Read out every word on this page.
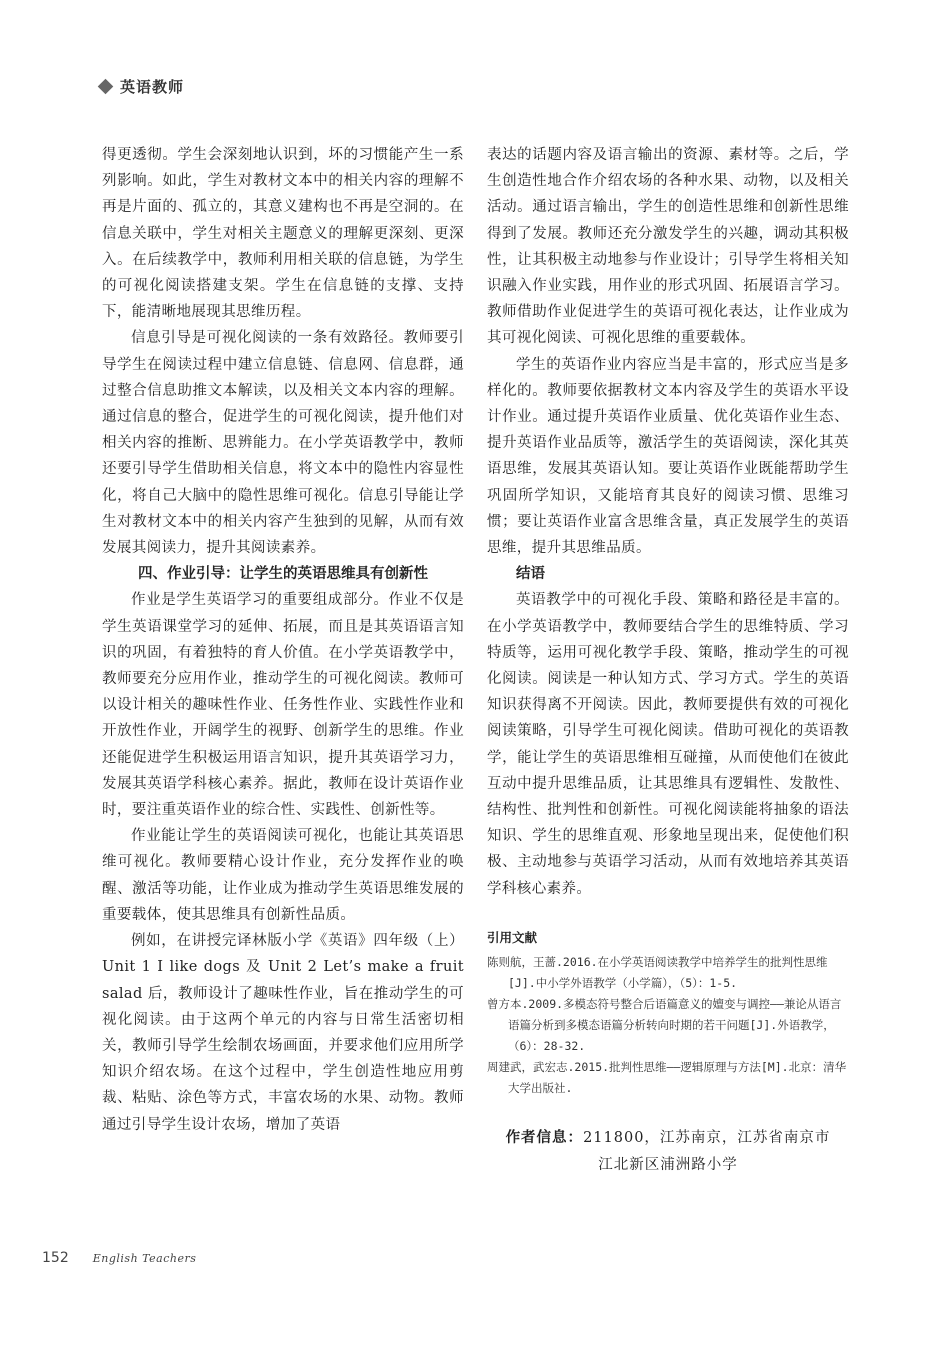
英语教师

得更透彻。学生会深刻地认识到，坏的习惯能产生一系列影响。如此，学生对教材文本中的相关内容的理解不再是片面的、孤立的，其意义建构也不再是空洞的。在信息关联中，学生对相关主题意义的理解更深刻、更深入。在后续教学中，教师利用相关联的信息链，为学生的可视化阅读搭建支架。学生在信息链的支撑、支持下，能清晰地展现其思维历程。

信息引导是可视化阅读的一条有效路径。教师要引导学生在阅读过程中建立信息链、信息网、信息群，通过整合信息助推文本解读，以及相关文本内容的理解。通过信息的整合，促进学生的可视化阅读，提升他们对相关内容的推断、思辨能力。在小学英语教学中，教师还要引导学生借助相关信息，将文本中的隐性内容显性化，将自己大脑中的隐性思维可视化。信息引导能让学生对教材文本中的相关内容产生独到的见解，从而有效发展其阅读力，提升其阅读素养。

四、作业引导：让学生的英语思维具有创新性

作业是学生英语学习的重要组成部分。作业不仅是学生英语课堂学习的延伸、拓展，而且是其英语语言知识的巩固，有着独特的育人价值。在小学英语教学中，教师要充分应用作业，推动学生的可视化阅读。教师可以设计相关的趣味性作业、任务性作业、实践性作业和开放性作业，开阔学生的视野、创新学生的思维。作业还能促进学生积极运用语言知识，提升其英语学习力，发展其英语学科核心素养。据此，教师在设计英语作业时，要注重英语作业的综合性、实践性、创新性等。

作业能让学生的英语阅读可视化，也能让其英语思维可视化。教师要精心设计作业，充分发挥作业的唤醒、激活等功能，让作业成为推动学生英语思维发展的重要载体，使其思维具有创新性品质。

例如，在讲授完译林版小学《英语》四年级（上）Unit 1 I like dogs 及 Unit 2 Let’s make a fruit salad 后，教师设计了趣味性作业，旨在推动学生的可视化阅读。由于这两个单元的内容与日常生活密切相关，教师引导学生绘制农场画面，并要求他们应用所学知识介绍农场。在这个过程中，学生创造性地应用剪裁、粘贴、涂色等方式，丰富农场的水果、动物。教师通过引导学生设计农场，增加了英语

表达的话题内容及语言输出的资源、素材等。之后，学生创造性地合作介绍农场的各种水果、动物，以及相关活动。通过语言输出，学生的创造性思维和创新性思维得到了发展。教师还充分激发学生的兴趣，调动其积极性，让其积极主动地参与作业设计；引导学生将相关知识融入作业实践，用作业的形式巩固、拓展语言学习。教师借助作业促进学生的英语可视化表达，让作业成为其可视化阅读、可视化思维的重要载体。

学生的英语作业内容应当是丰富的，形式应当是多样化的。教师要依据教材文本内容及学生的英语水平设计作业。通过提升英语作业质量、优化英语作业生态、提升英语作业品质等，激活学生的英语阅读，深化其英语思维，发展其英语认知。要让英语作业既能帮助学生巩固所学知识，又能培育其良好的阅读习惯、思维习惯；要让英语作业富含思维含量，真正发展学生的英语思维，提升其思维品质。

结语

英语教学中的可视化手段、策略和路径是丰富的。在小学英语教学中，教师要结合学生的思维特质、学习特质等，运用可视化教学手段、策略，推动学生的可视化阅读。阅读是一种认知方式、学习方式。学生的英语知识获得离不开阅读。因此，教师要提供有效的可视化阅读策略，引导学生可视化阅读。借助可视化的英语教学，能让学生的英语思维相互碰撞，从而使他们在彼此互动中提升思维品质，让其思维具有逻辑性、发散性、结构性、批判性和创新性。可视化阅读能将抽象的语法知识、学生的思维直观、形象地呈现出来，促使他们积极、主动地参与英语学习活动，从而有效地培养其英语学科核心素养。

引用文献

陈则航，王蔷.2016.在小学英语阅读教学中培养学生的批判性思维[J].中小学外语教学（小学篇），（5）：1-5.

曾方本.2009.多模态符号整合后语篇意义的嬗变与调控——兼论从语言语篇分析到多模态语篇分析转向时期的若干问题[J].外语教学，（6）：28-32.

周建武，武宏志.2015.批判性思维——逻辑原理与方法[M].北京：清华大学出版社.

作者信息：211800，江苏南京，江苏省南京市
江北新区浦洲路小学
152 English Teachers
